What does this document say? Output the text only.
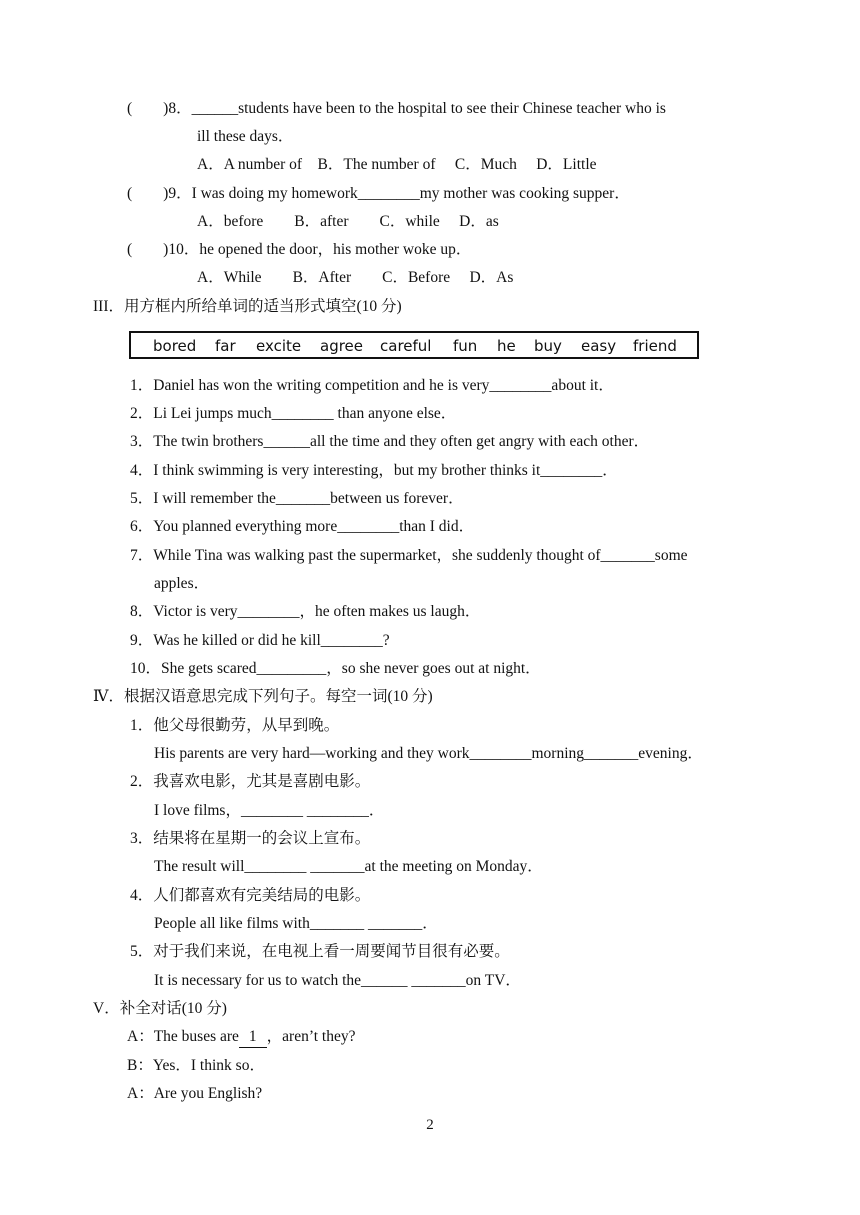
(　　)8．______students have been to the hospital to see their Chinese teacher who is
ill these days．
A．A number of　B．The number of　 C．Much　 D．Little
(　　)9．I was doing my homework________my mother was cooking supper．
A．before　　B．after　　C．while　 D．as
(　　)10．he opened the door，his mother woke up．
A．While　　B．After　　C．Before　 D．As
III．用方框内所给单词的适当形式填空(10 分)
bored far excite agree careful fun he buy easy friend
1．Daniel has won the writing competition and he is very________about it．
2．Li Lei jumps much________ than anyone else．
3．The twin brothers______all the time and they often get angry with each other．
4．I think swimming is very interesting，but my brother thinks it________．
5．I will remember the_______between us forever．
6．You planned everything more________than I did．
7．While Tina was walking past the supermarket，she suddenly thought of_______some
apples．
8．Victor is very________，he often makes us laugh．
9．Was he killed or did he kill________?
10．She gets scared_________，so she never goes out at night．
Ⅳ．根据汉语意思完成下列句子。每空一词(10 分)
1．他父母很勤劳，从早到晚。
His parents are very hard—working and they work________morning_______evening．
2．我喜欢电影，尤其是喜剧电影。
I love films，________ ________．
3．结果将在星期一的会议上宣布。
The result will________ _______at the meeting on Monday．
4．人们都喜欢有完美结局的电影。
People all like films with_______ _______．
5．对于我们来说，在电视上看一周要闻节目很有必要。
It is necessary for us to watch the______ _______on TV．
V．补全对话(10 分)
A：The buses are 1 ，aren’t they?
B：Yes．I think so．
A：Are you English?
2
